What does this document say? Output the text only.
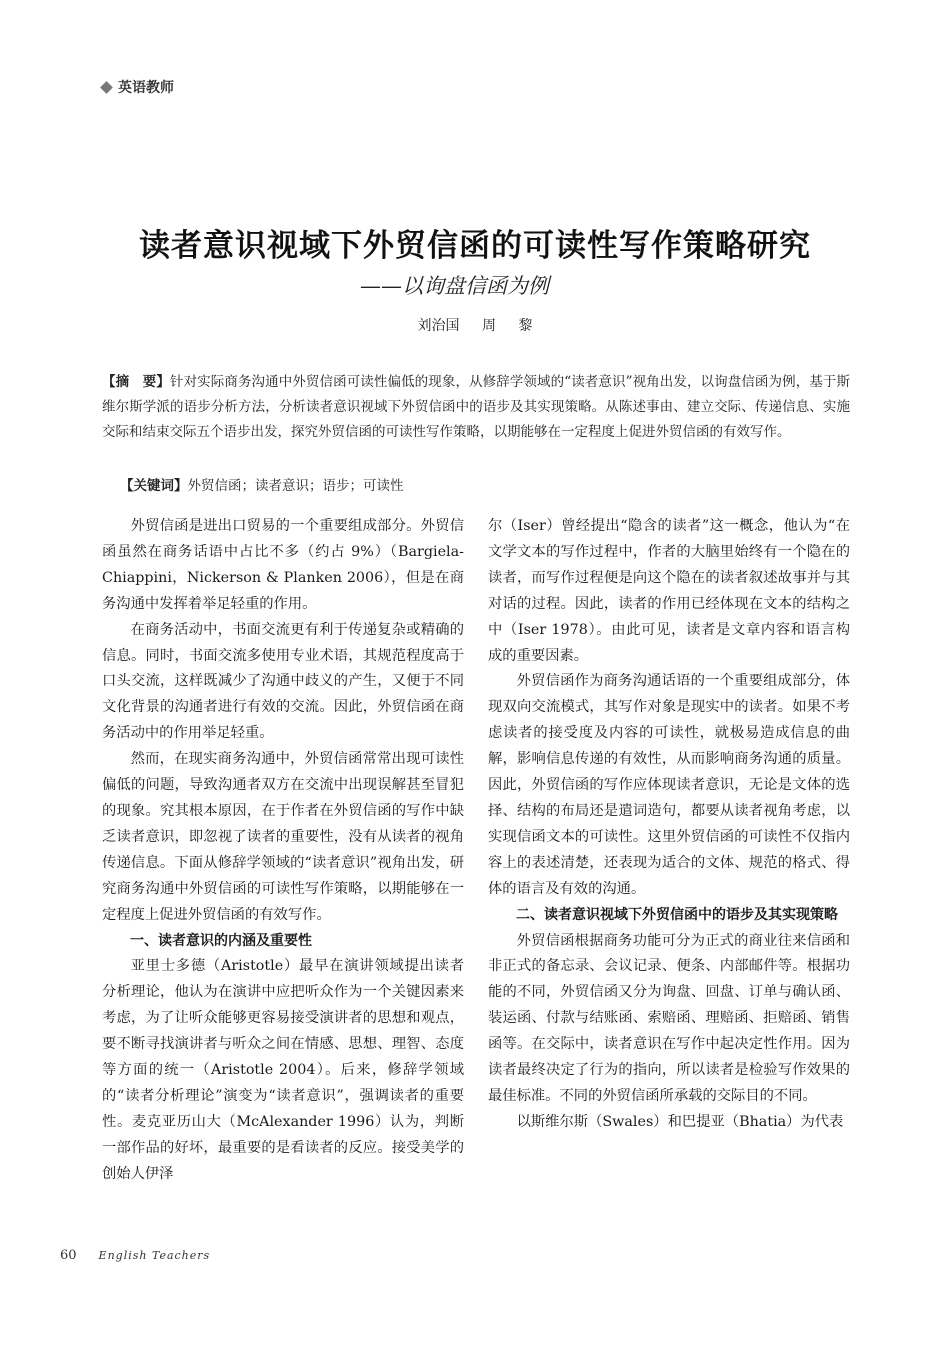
英语教师
读者意识视域下外贸信函的可读性写作策略研究
——以询盘信函为例
刘治国 周 黎
【摘　要】针对实际商务沟通中外贸信函可读性偏低的现象，从修辞学领域的“读者意识”视角出发，以询盘信函为例，基于斯维尔斯学派的语步分析方法，分析读者意识视域下外贸信函中的语步及其实现策略。从陈述事由、建立交际、传递信息、实施交际和结束交际五个语步出发，探究外贸信函的可读性写作策略，以期能够在一定程度上促进外贸信函的有效写作。
【关键词】外贸信函；读者意识；语步；可读性

外贸信函是进出口贸易的一个重要组成部分。外贸信函虽然在商务话语中占比不多（约占 9%）（Bargiela-Chiappini，Nickerson & Planken 2006），但是在商务沟通中发挥着举足轻重的作用。

在商务活动中，书面交流更有利于传递复杂或精确的信息。同时，书面交流多使用专业术语，其规范程度高于口头交流，这样既减少了沟通中歧义的产生，又便于不同文化背景的沟通者进行有效的交流。因此，外贸信函在商务活动中的作用举足轻重。

然而，在现实商务沟通中，外贸信函常常出现可读性偏低的问题，导致沟通者双方在交流中出现误解甚至冒犯的现象。究其根本原因，在于作者在外贸信函的写作中缺乏读者意识，即忽视了读者的重要性，没有从读者的视角传递信息。下面从修辞学领域的“读者意识”视角出发，研究商务沟通中外贸信函的可读性写作策略，以期能够在一定程度上促进外贸信函的有效写作。

一、读者意识的内涵及重要性

亚里士多德（Aristotle）最早在演讲领域提出读者分析理论，他认为在演讲中应把听众作为一个关键因素来考虑，为了让听众能够更容易接受演讲者的思想和观点，要不断寻找演讲者与听众之间在情感、思想、理智、态度等方面的统一（Aristotle 2004）。后来，修辞学领域的“读者分析理论”演变为“读者意识”，强调读者的重要性。麦克亚历山大（McAlexander 1996）认为，判断一部作品的好坏，最重要的是看读者的反应。接受美学的创始人伊泽

尔（Iser）曾经提出“隐含的读者”这一概念，他认为“在文学文本的写作过程中，作者的大脑里始终有一个隐在的读者，而写作过程便是向这个隐在的读者叙述故事并与其对话的过程。因此，读者的作用已经体现在文本的结构之中（Iser 1978）。由此可见，读者是文章内容和语言构成的重要因素。

外贸信函作为商务沟通话语的一个重要组成部分，体现双向交流模式，其写作对象是现实中的读者。如果不考虑读者的接受度及内容的可读性，就极易造成信息的曲解，影响信息传递的有效性，从而影响商务沟通的质量。因此，外贸信函的写作应体现读者意识，无论是文体的选择、结构的布局还是遣词造句，都要从读者视角考虑，以实现信函文本的可读性。这里外贸信函的可读性不仅指内容上的表述清楚，还表现为适合的文体、规范的格式、得体的语言及有效的沟通。

二、读者意识视域下外贸信函中的语步及其实现策略

外贸信函根据商务功能可分为正式的商业往来信函和非正式的备忘录、会议记录、便条、内部邮件等。根据功能的不同，外贸信函又分为询盘、回盘、订单与确认函、装运函、付款与结账函、索赔函、理赔函、拒赔函、销售函等。在交际中，读者意识在写作中起决定性作用。因为读者最终决定了行为的指向，所以读者是检验写作效果的最佳标准。不同的外贸信函所承载的交际目的不同。

以斯维尔斯（Swales）和巴提亚（Bhatia）为代表

60 English Teachers
